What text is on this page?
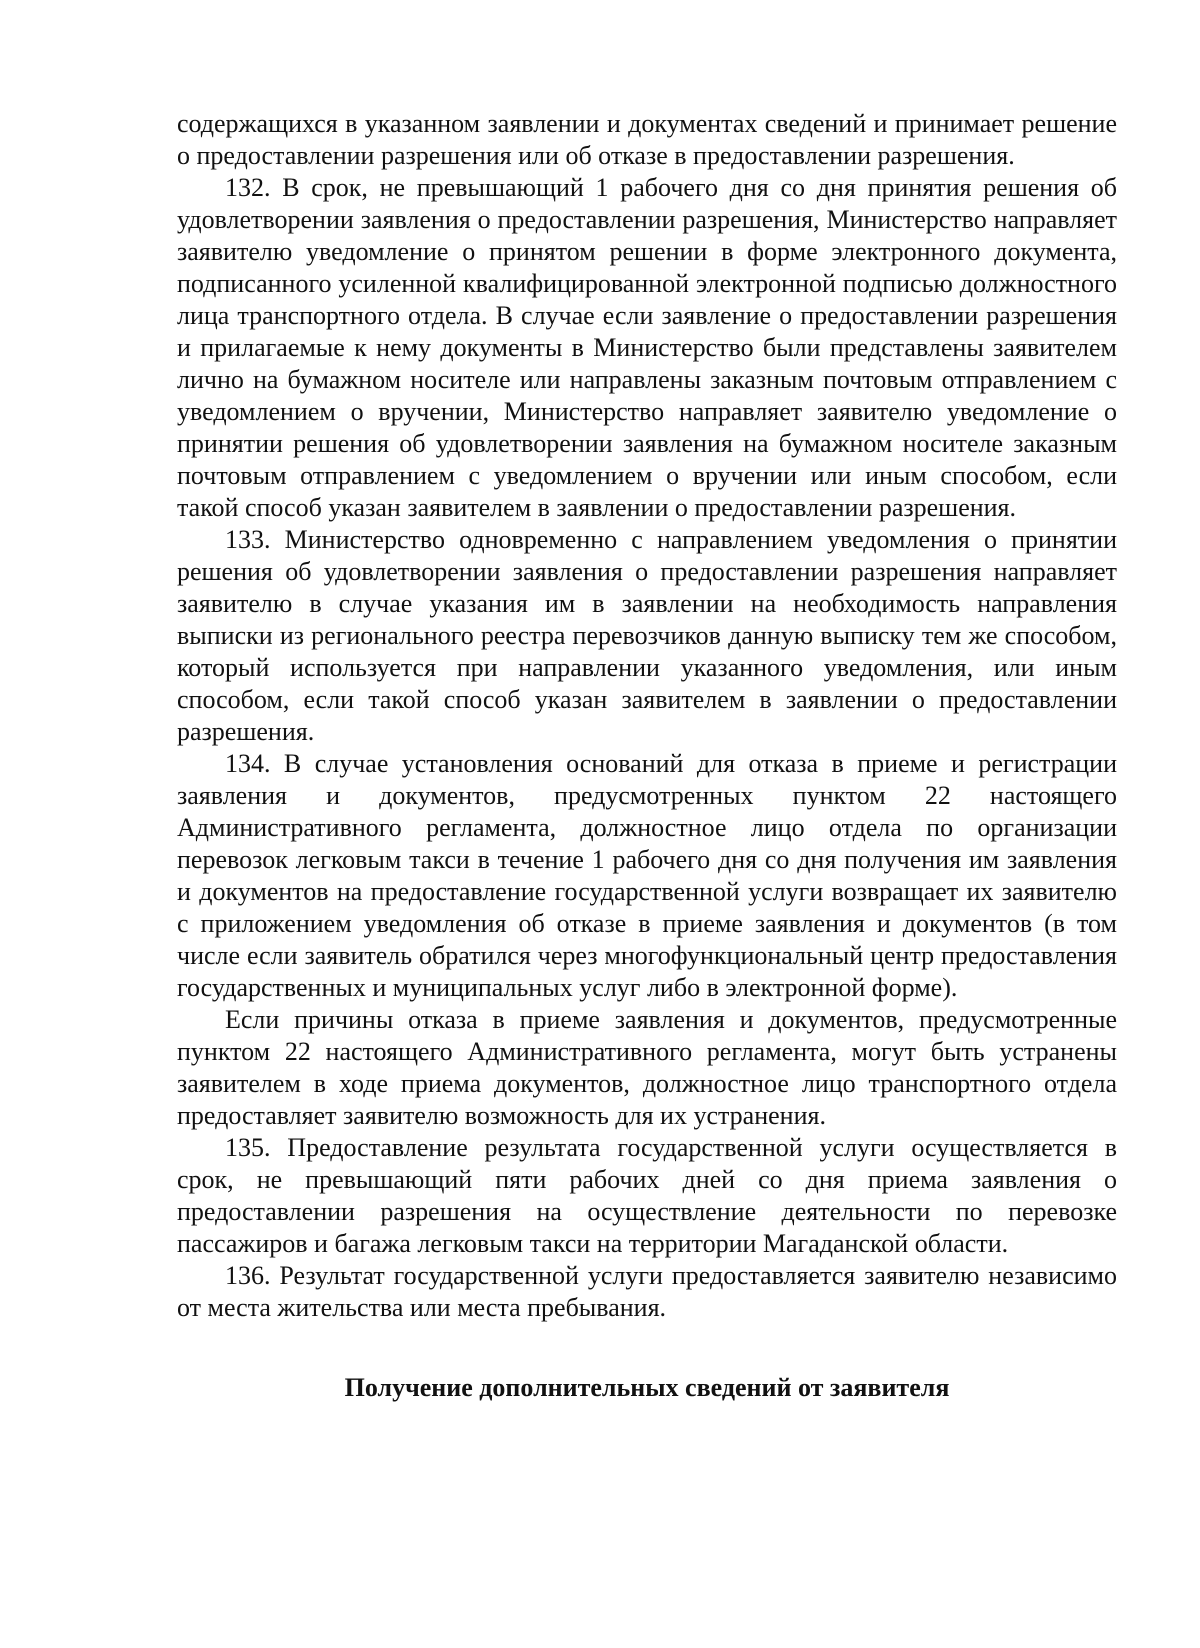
содержащихся в указанном заявлении и документах сведений и принимает решение о предоставлении разрешения или об отказе в предоставлении разрешения.

132. В срок, не превышающий 1 рабочего дня со дня принятия решения об удовлетворении заявления о предоставлении разрешения, Министерство направляет заявителю уведомление о принятом решении в форме электронного документа, подписанного усиленной квалифицированной электронной подписью должностного лица транспортного отдела. В случае если заявление о предоставлении разрешения и прилагаемые к нему документы в Министерство были представлены заявителем лично на бумажном носителе или направлены заказным почтовым отправлением с уведомлением о вручении, Министерство направляет заявителю уведомление о принятии решения об удовлетворении заявления на бумажном носителе заказным почтовым отправлением с уведомлением о вручении или иным способом, если такой способ указан заявителем в заявлении о предоставлении разрешения.

133. Министерство одновременно с направлением уведомления о принятии решения об удовлетворении заявления о предоставлении разрешения направляет заявителю в случае указания им в заявлении на необходимость направления выписки из регионального реестра перевозчиков данную выписку тем же способом, который используется при направлении указанного уведомления, или иным способом, если такой способ указан заявителем в заявлении о предоставлении разрешения.

134. В случае установления оснований для отказа в приеме и регистрации заявления и документов, предусмотренных пунктом 22 настоящего Административного регламента, должностное лицо отдела по организации перевозок легковым такси в течение 1 рабочего дня со дня получения им заявления и документов на предоставление государственной услуги возвращает их заявителю с приложением уведомления об отказе в приеме заявления и документов (в том числе если заявитель обратился через многофункциональный центр предоставления государственных и муниципальных услуг либо в электронной форме).

Если причины отказа в приеме заявления и документов, предусмотренные пунктом 22 настоящего Административного регламента, могут быть устранены заявителем в ходе приема документов, должностное лицо транспортного отдела предоставляет заявителю возможность для их устранения.

135. Предоставление результата государственной услуги осуществляется в срок, не превышающий пяти рабочих дней со дня приема заявления о предоставлении разрешения на осуществление деятельности по перевозке пассажиров и багажа легковым такси на территории Магаданской области.

136. Результат государственной услуги предоставляется заявителю независимо от места жительства или места пребывания.

Получение дополнительных сведений от заявителя
